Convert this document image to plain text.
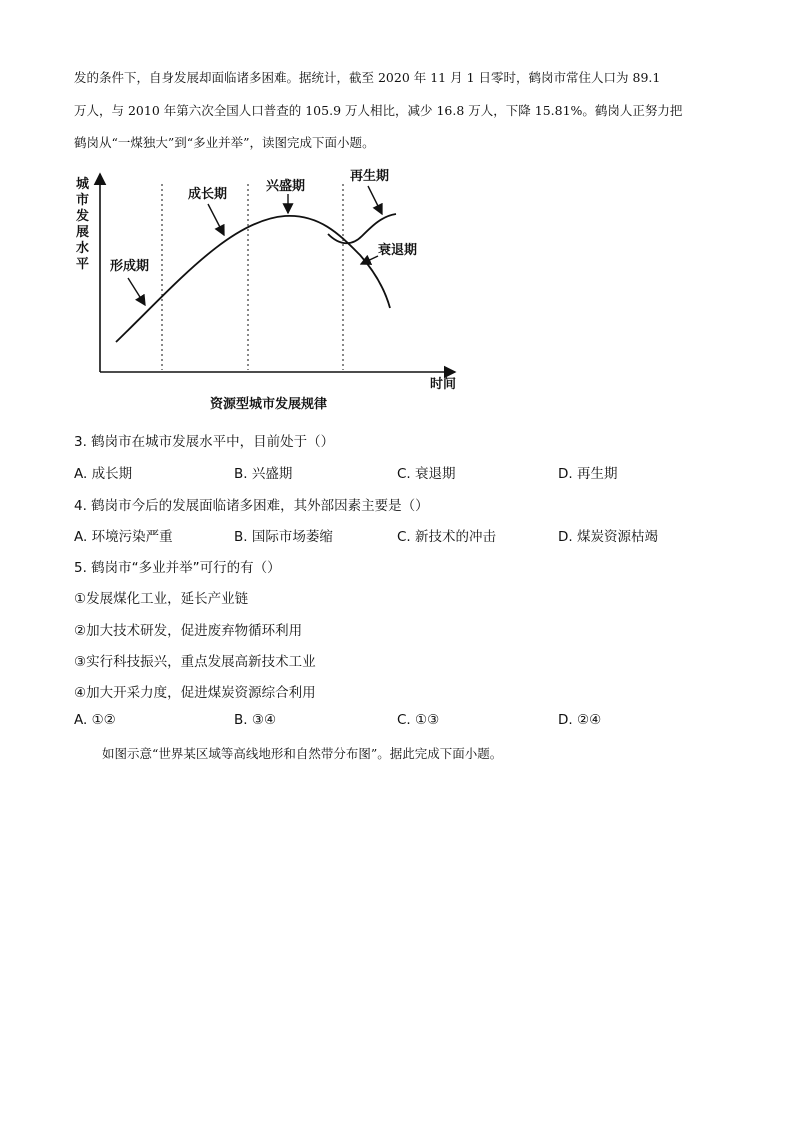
发的条件下，自身发展却面临诸多困难。据统计，截至 2020 年 11 月 1 日零时，鹤岗市常住人口为 89.1
万人，与 2010 年第六次全国人口普查的 105.9 万人相比，减少 16.8 万人，下降 15.81%。鹤岗人正努力把
鹤岗从“一煤独大”到“多业并举”，读图完成下面小题。
城
市
发
展
水
平
时间
形成期
成长期
兴盛期
再生期
衰退期
资源型城市发展规律
3. 鹤岗市在城市发展水平中，目前处于（）
A. 成长期	B. 兴盛期	C. 衰退期	D. 再生期
4. 鹤岗市今后的发展面临诸多困难，其外部因素主要是（）
A. 环境污染严重	B. 国际市场萎缩	C. 新技术的冲击	D. 煤炭资源枯竭
5. 鹤岗市“多业并举”可行的有（）
①发展煤化工业，延长产业链
②加大技术研发，促进废弃物循环利用
③实行科技振兴，重点发展高新技术工业
④加大开采力度，促进煤炭资源综合利用
A. ①②	B. ③④	C. ①③	D. ②④
如图示意“世界某区域等高线地形和自然带分布图”。据此完成下面小题。
